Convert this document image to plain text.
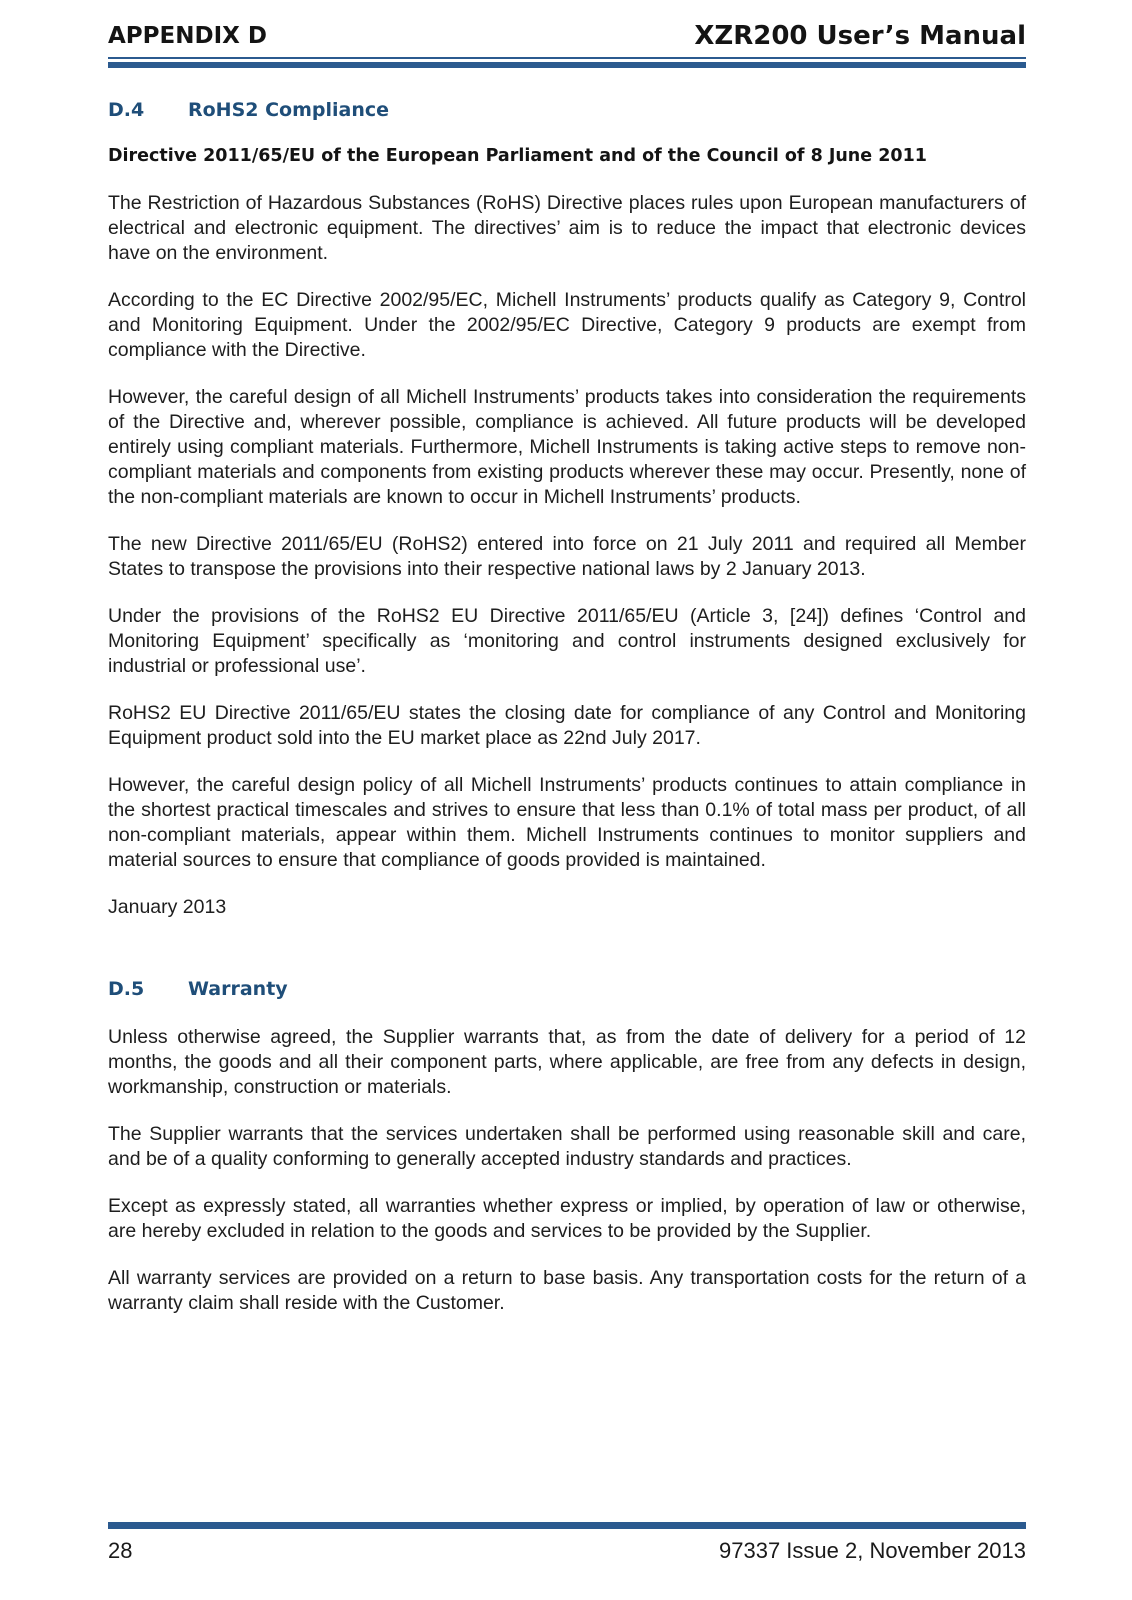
APPENDIX D	XZR200 User’s Manual
D.4 RoHS2 Compliance
Directive 2011/65/EU of the European Parliament and of the Council of 8 June 2011

The Restriction of Hazardous Substances (RoHS) Directive places rules upon European manufacturers of electrical and electronic equipment. The directives’ aim is to reduce the impact that electronic devices have on the environment.

According to the EC Directive 2002/95/EC, Michell Instruments’ products qualify as Category 9, Control and Monitoring Equipment. Under the 2002/95/EC Directive, Category 9 products are exempt from compliance with the Directive.

However, the careful design of all Michell Instruments’ products takes into consideration the requirements of the Directive and, wherever possible, compliance is achieved. All future products will be developed entirely using compliant materials. Furthermore, Michell Instruments is taking active steps to remove non-compliant materials and components from existing products wherever these may occur. Presently, none of the non-compliant materials are known to occur in Michell Instruments’ products.

The new Directive 2011/65/EU (RoHS2) entered into force on 21 July 2011 and required all Member States to transpose the provisions into their respective national laws by 2 January 2013.

Under the provisions of the RoHS2 EU Directive 2011/65/EU (Article 3, [24]) defines ‘Control and Monitoring Equipment’ specifically as ‘monitoring and control instruments designed exclusively for industrial or professional use’.

RoHS2 EU Directive 2011/65/EU states the closing date for compliance of any Control and Monitoring Equipment product sold into the EU market place as 22nd July 2017.

However, the careful design policy of all Michell Instruments’ products continues to attain compliance in the shortest practical timescales and strives to ensure that less than 0.1% of total mass per product, of all non-compliant materials, appear within them. Michell Instruments continues to monitor suppliers and material sources to ensure that compliance of goods provided is maintained.

January 2013

D.5 Warranty

Unless otherwise agreed, the Supplier warrants that, as from the date of delivery for a period of 12 months, the goods and all their component parts, where applicable, are free from any defects in design, workmanship, construction or materials.

The Supplier warrants that the services undertaken shall be performed using reasonable skill and care, and be of a quality conforming to generally accepted industry standards and practices.

Except as expressly stated, all warranties whether express or implied, by operation of law or otherwise, are hereby excluded in relation to the goods and services to be provided by the Supplier.

All warranty services are provided on a return to base basis. Any transportation costs for the return of a warranty claim shall reside with the Customer.

28	97337 Issue 2, November 2013
